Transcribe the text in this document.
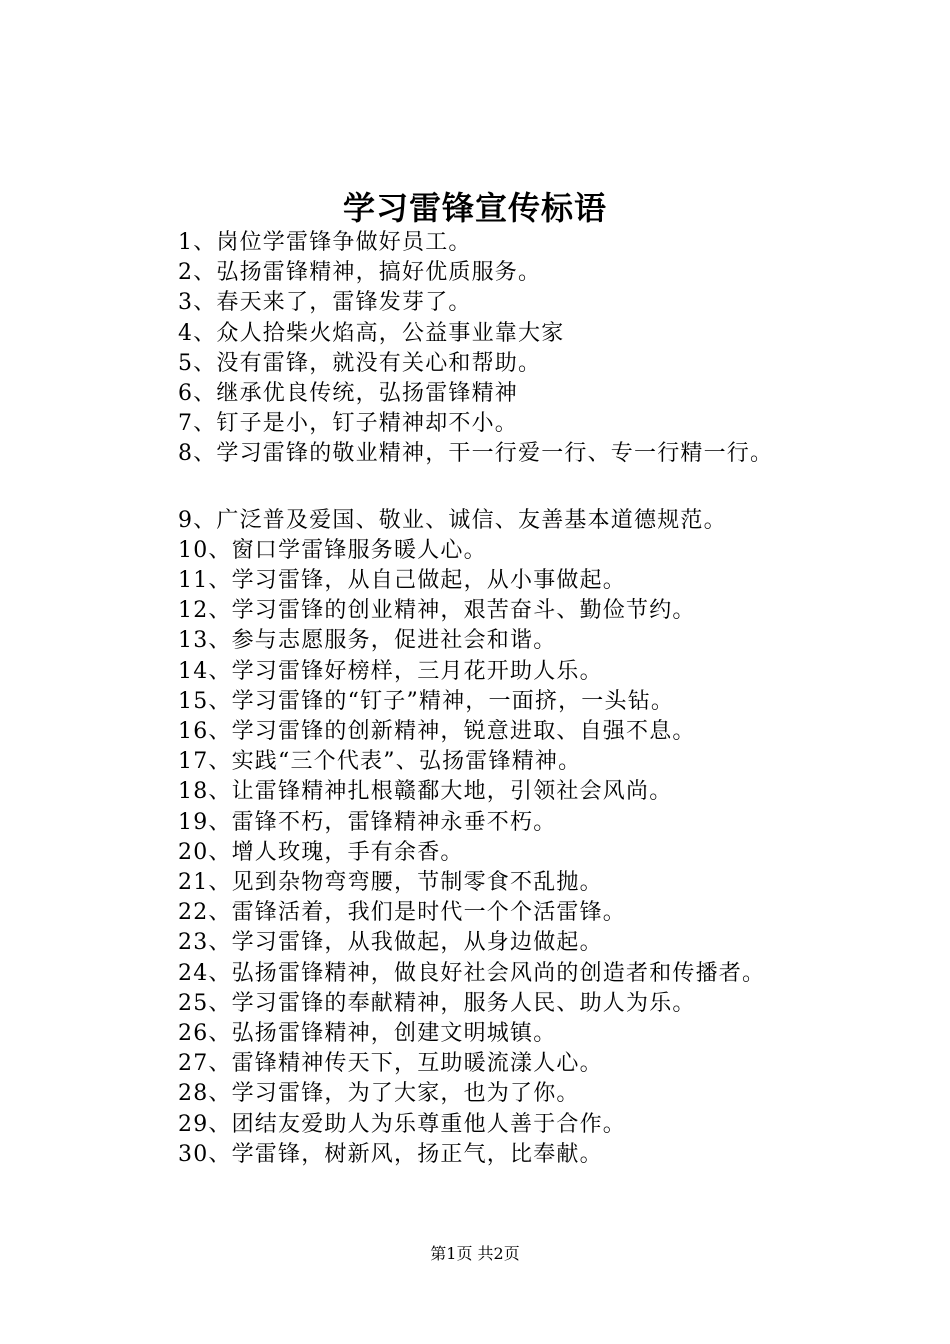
学习雷锋宣传标语
1、岗位学雷锋争做好员工。
2、弘扬雷锋精神，搞好优质服务。
3、春天来了，雷锋发芽了。
4、众人拾柴火焰高，公益事业靠大家
5、没有雷锋，就没有关心和帮助。
6、继承优良传统，弘扬雷锋精神
7、钉子是小，钉子精神却不小。
8、学习雷锋的敬业精神，干一行爱一行、专一行精一行。
9、广泛普及爱国、敬业、诚信、友善基本道德规范。
10、窗口学雷锋服务暖人心。
11、学习雷锋，从自己做起，从小事做起。
12、学习雷锋的创业精神，艰苦奋斗、勤俭节约。
13、参与志愿服务，促进社会和谐。
14、学习雷锋好榜样，三月花开助人乐。
15、学习雷锋的“钉子”精神，一面挤，一头钻。
16、学习雷锋的创新精神，锐意进取、自强不息。
17、实践“三个代表”、弘扬雷锋精神。
18、让雷锋精神扎根赣鄱大地，引领社会风尚。
19、雷锋不朽，雷锋精神永垂不朽。
20、增人玫瑰，手有余香。
21、见到杂物弯弯腰，节制零食不乱抛。
22、雷锋活着，我们是时代一个个活雷锋。
23、学习雷锋，从我做起，从身边做起。
24、弘扬雷锋精神，做良好社会风尚的创造者和传播者。
25、学习雷锋的奉献精神，服务人民、助人为乐。
26、弘扬雷锋精神，创建文明城镇。
27、雷锋精神传天下，互助暖流漾人心。
28、学习雷锋，为了大家，也为了你。
29、团结友爱助人为乐尊重他人善于合作。
30、学雷锋，树新风，扬正气，比奉献。
第1页 共2页
